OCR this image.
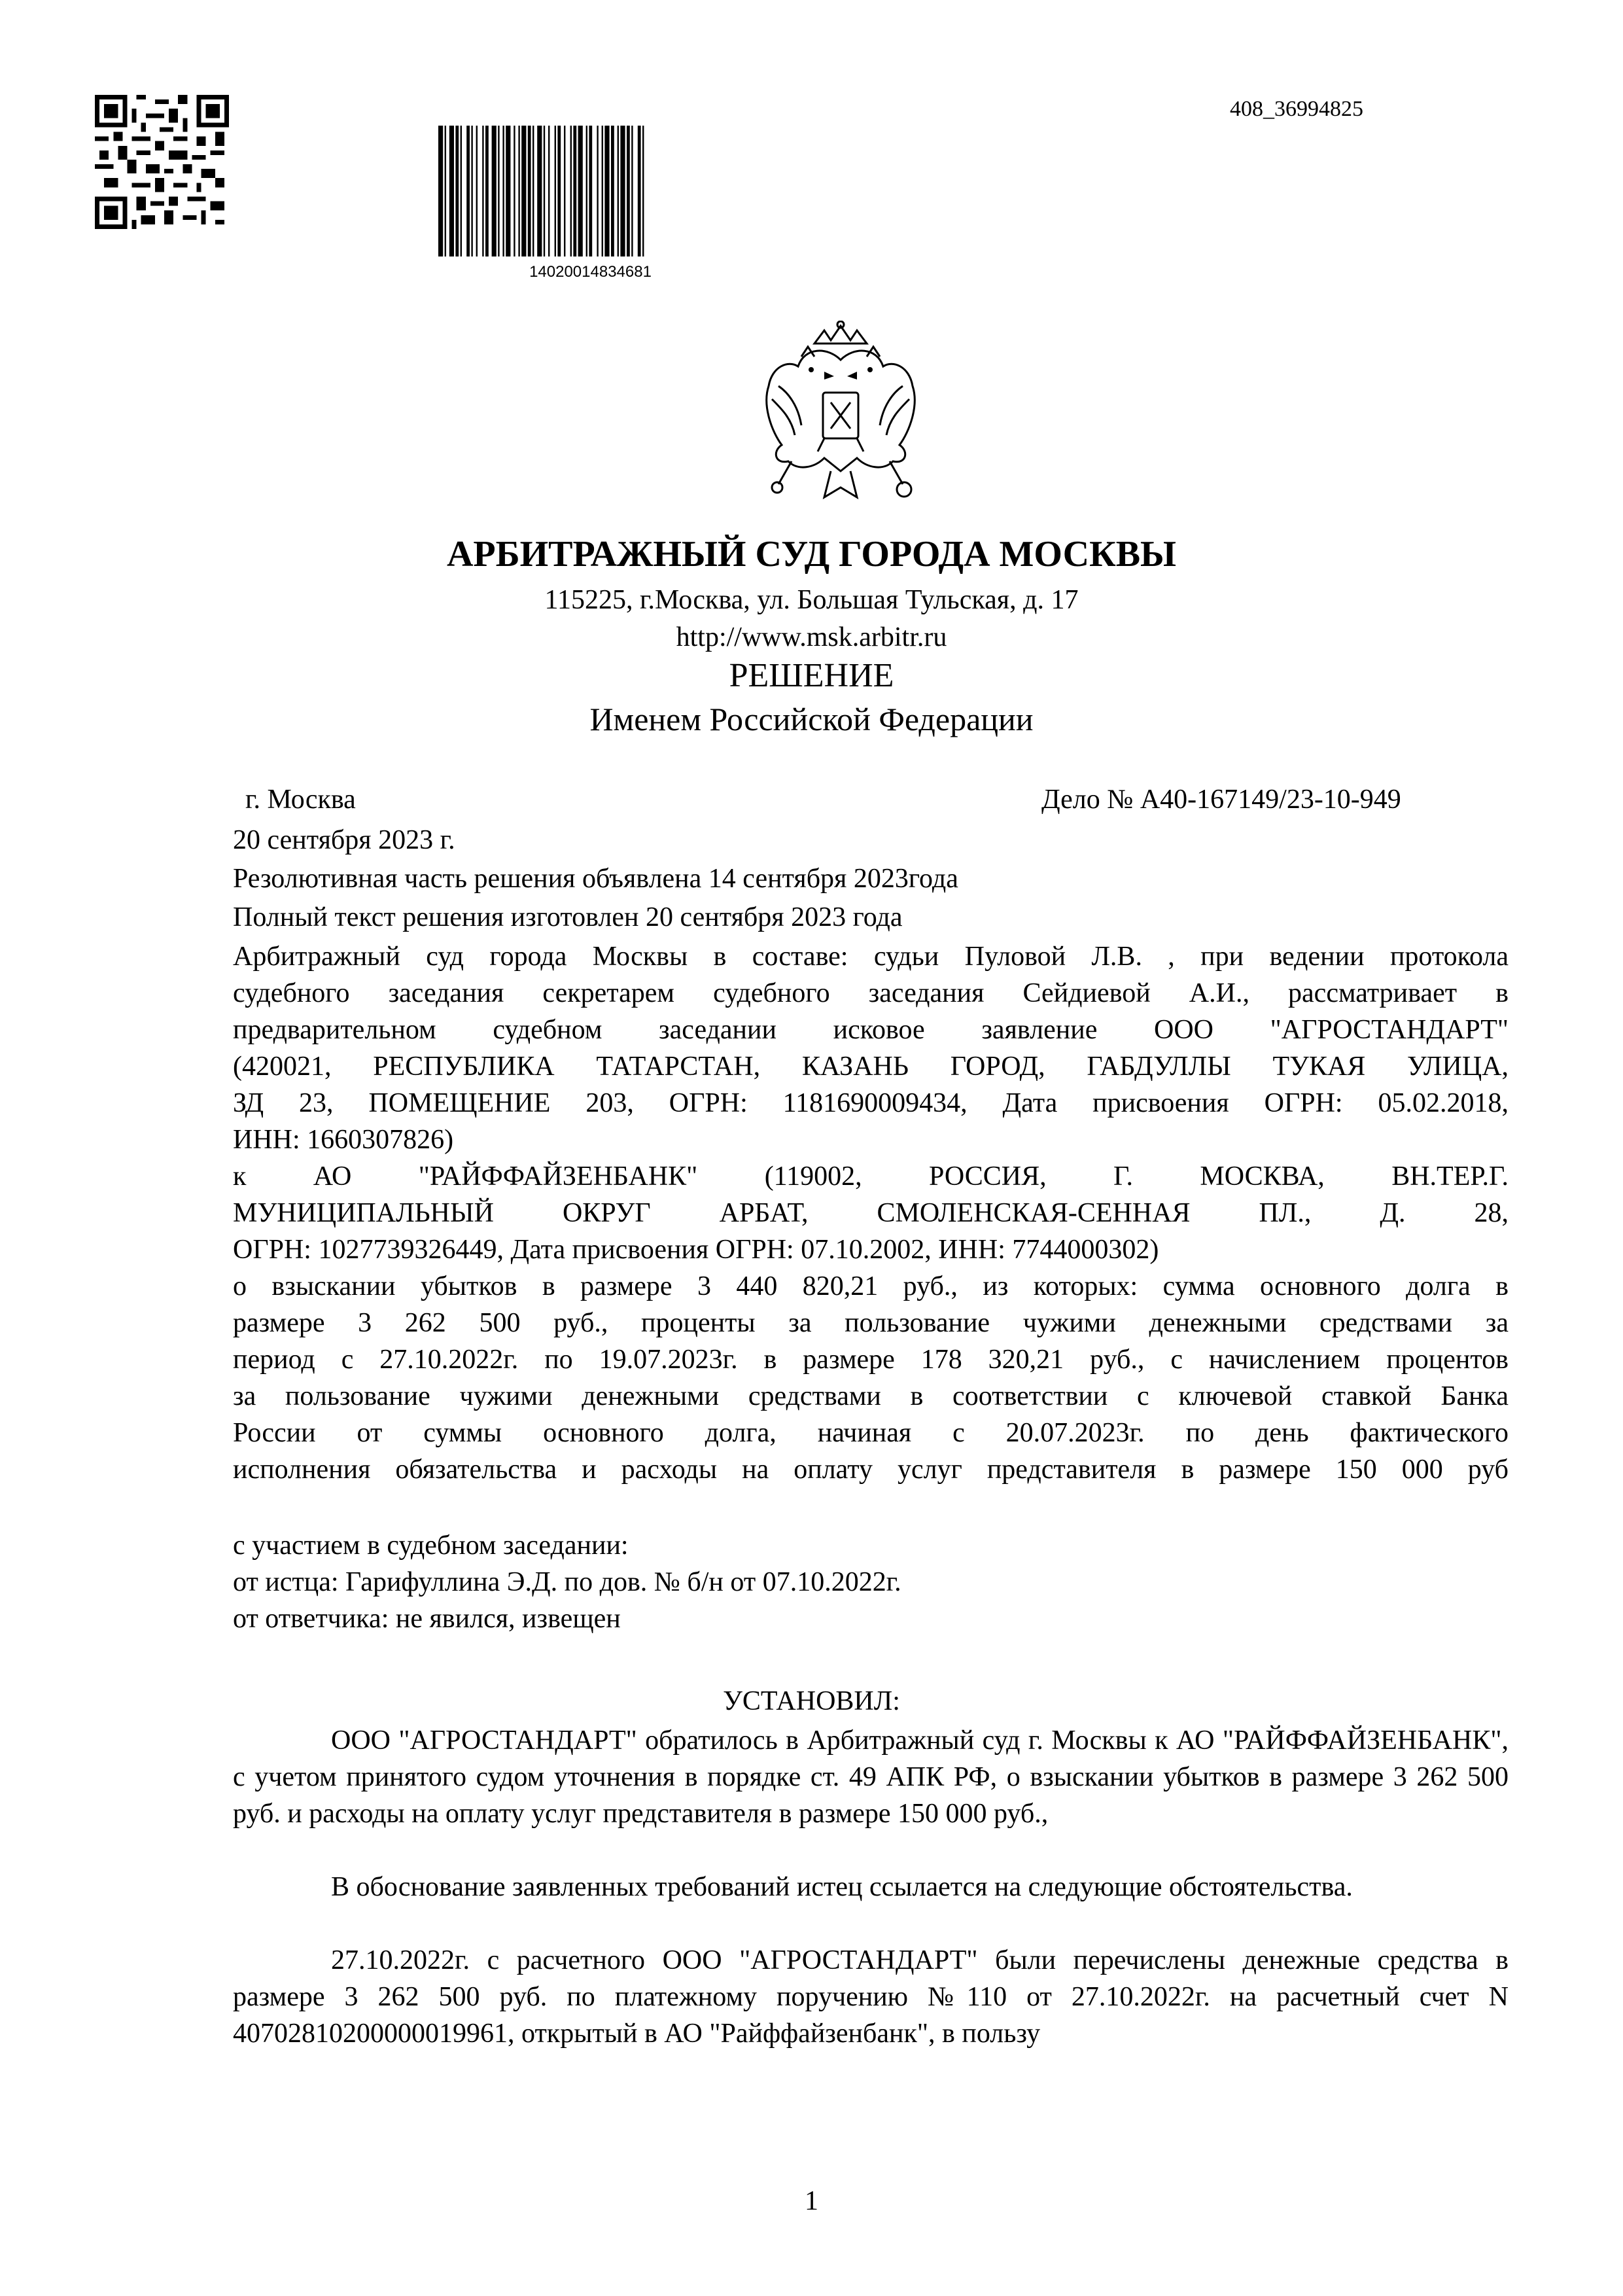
408_36994825
14020014834681
АРБИТРАЖНЫЙ СУД ГОРОДА МОСКВЫ
115225, г.Москва, ул. Большая Тульская, д. 17
http://www.msk.arbitr.ru
РЕШЕНИЕ
Именем Российской Федерации
г. Москва	Дело № А40-167149/23-10-949
20 сентября 2023 г.
Резолютивная часть решения объявлена 14 сентября 2023года
Полный текст решения изготовлен 20 сентября 2023 года
Арбитражный суд города Москвы в составе: судьи Пуловой Л.В. , при ведении протокола
судебного заседания секретарем судебного заседания Сейдиевой А.И., рассматривает в
предварительном судебном заседании исковое заявление ООО "АГРОСТАНДАРТ"
(420021, РЕСПУБЛИКА ТАТАРСТАН, КАЗАНЬ ГОРОД, ГАБДУЛЛЫ ТУКАЯ УЛИЦА,
ЗД 23, ПОМЕЩЕНИЕ 203, ОГРН: 1181690009434, Дата присвоения ОГРН: 05.02.2018,
ИНН: 1660307826)
к АО "РАЙФФАЙЗЕНБАНК" (119002, РОССИЯ, Г. МОСКВА, ВН.ТЕР.Г.
МУНИЦИПАЛЬНЫЙ ОКРУГ АРБАТ, СМОЛЕНСКАЯ-СЕННАЯ ПЛ., Д. 28,
ОГРН: 1027739326449, Дата присвоения ОГРН: 07.10.2002, ИНН: 7744000302)
о взыскании убытков в размере 3 440 820,21 руб., из которых: сумма основного долга в
размере 3 262 500 руб., проценты за пользование чужими денежными средствами за
период с 27.10.2022г. по 19.07.2023г. в размере 178 320,21 руб., с начислением процентов
за пользование чужими денежными средствами в соответствии с ключевой ставкой Банка
России от суммы основного долга, начиная с 20.07.2023г. по день фактического
исполнения обязательства и расходы на оплату услуг представителя в размере 150 000 руб
с участием в судебном заседании:
от истца: Гарифуллина Э.Д. по дов. № б/н от 07.10.2022г.
от ответчика: не явился, извещен
УСТАНОВИЛ:
ООО "АГРОСТАНДАРТ" обратилось в Арбитражный суд г. Москвы к АО "РАЙФФАЙЗЕНБАНК", с учетом принятого судом уточнения в порядке ст. 49 АПК РФ, о взыскании убытков в размере 3 262 500 руб. и расходы на оплату услуг представителя в размере 150 000 руб.,
В обоснование заявленных требований истец ссылается на следующие обстоятельства.
27.10.2022г. с расчетного ООО "АГРОСТАНДАРТ" были перечислены денежные средства в размере 3 262 500 руб. по платежному поручению №110 от 27.10.2022г. на расчетный счет N 40702810200000019961, открытый в АО "Райффайзенбанк", в пользу
1
